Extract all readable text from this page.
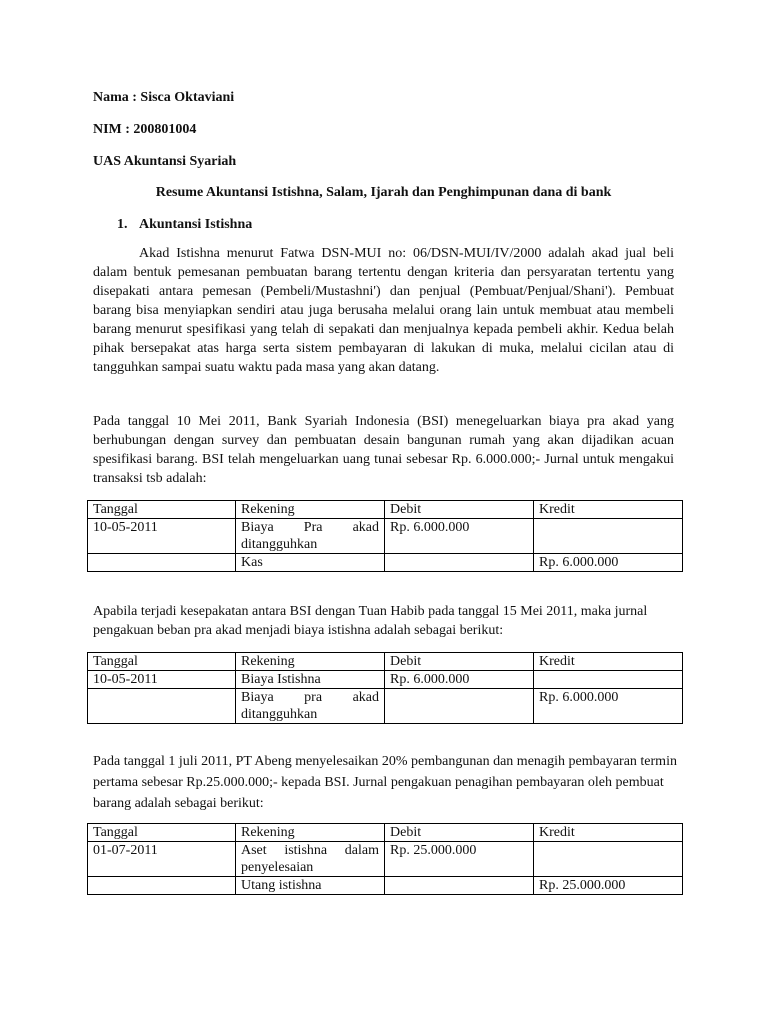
Nama : Sisca Oktaviani

NIM : 200801004

UAS Akuntansi Syariah

Resume Akuntansi Istishna, Salam, Ijarah dan Penghimpunan dana di bank

1. Akuntansi Istishna

Akad Istishna menurut Fatwa DSN-MUI no: 06/DSN-MUI/IV/2000 adalah akad jual beli dalam bentuk pemesanan pembuatan barang tertentu dengan kriteria dan persyaratan tertentu yang disepakati antara pemesan (Pembeli/Mustashni') dan penjual (Pembuat/Penjual/Shani'). Pembuat barang bisa menyiapkan sendiri atau juga berusaha melalui orang lain untuk membuat atau membeli barang menurut spesifikasi yang telah di sepakati dan menjualnya kepada pembeli akhir. Kedua belah pihak bersepakat atas harga serta sistem pembayaran di lakukan di muka, melalui cicilan atau di tangguhkan sampai suatu waktu pada masa yang akan datang.

Pada tanggal 10 Mei 2011, Bank Syariah Indonesia (BSI) menegeluarkan biaya pra akad yang berhubungan dengan survey dan pembuatan desain bangunan rumah yang akan dijadikan acuan spesifikasi barang. BSI telah mengeluarkan uang tunai sebesar Rp. 6.000.000;- Jurnal untuk mengakui transaksi tsb adalah:

Tanggal	Rekening	Debit	Kredit
10-05-2011	Biaya Pra akad ditangguhkan	Rp. 6.000.000	
	Kas		Rp. 6.000.000

Apabila terjadi kesepakatan antara BSI dengan Tuan Habib pada tanggal 15 Mei 2011, maka jurnal pengakuan beban pra akad menjadi biaya istishna adalah sebagai berikut:

Tanggal	Rekening	Debit	Kredit
10-05-2011	Biaya Istishna	Rp. 6.000.000	
	Biaya pra akad ditangguhkan		Rp. 6.000.000

Pada tanggal 1 juli 2011, PT Abeng menyelesaikan 20% pembangunan dan menagih pembayaran termin pertama sebesar Rp.25.000.000;- kepada BSI. Jurnal pengakuan penagihan pembayaran oleh pembuat barang adalah sebagai berikut:

Tanggal	Rekening	Debit	Kredit
01-07-2011	Aset istishna dalam penyelesaian	Rp. 25.000.000	
	Utang istishna		Rp. 25.000.000
